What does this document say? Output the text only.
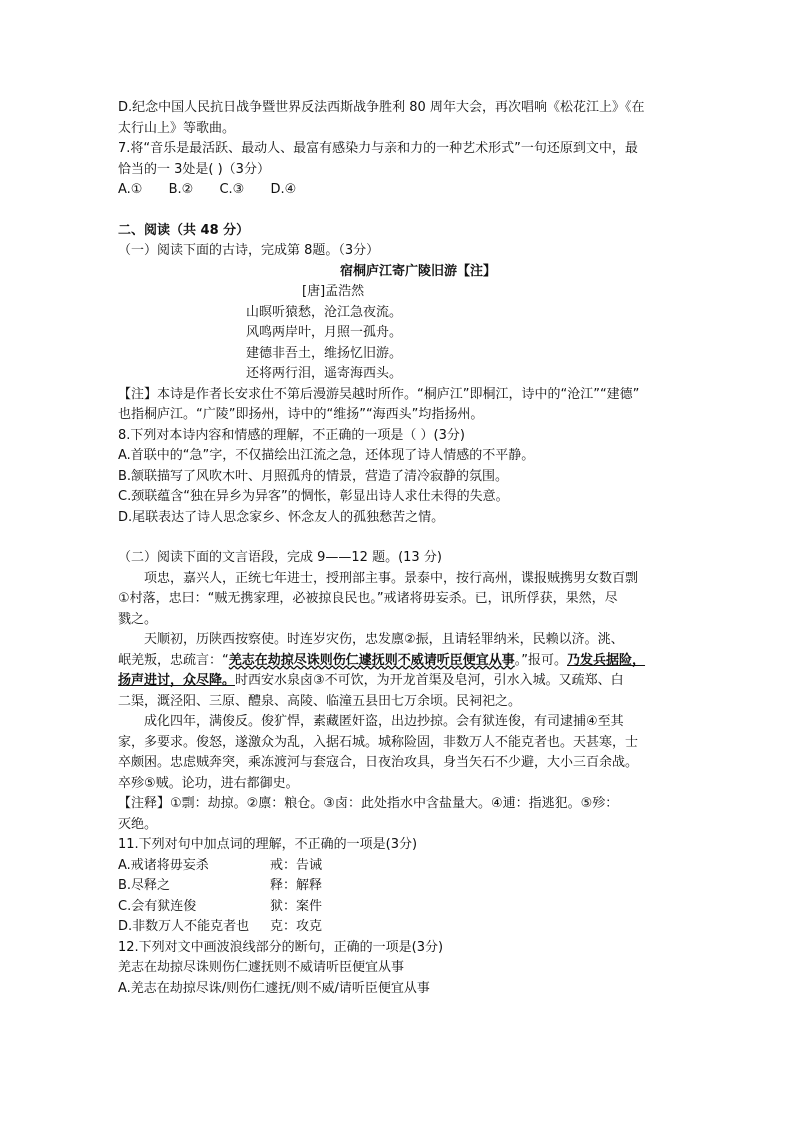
D.纪念中国人民抗日战争暨世界反法西斯战争胜利 80 周年大会，再次唱响《松花江上》《在
太行山上》等歌曲。
7.将“音乐是最活跃、最动人、最富有感染力与亲和力的一种艺术形式”一句还原到文中，最
恰当的一 3处是( )（3分）
A.① B.② C.③ D.④
二、阅读（共 48 分）
（一）阅读下面的古诗，完成第 8题。（3分）
宿桐庐江寄广陵旧游【注】
[唐]孟浩然
山暝听猿愁，沧江急夜流。
风鸣两岸叶，月照一孤舟。
建德非吾土，维扬忆旧游。
还将两行泪，遥寄海西头。
【注】本诗是作者长安求仕不第后漫游吴越时所作。“桐庐江”即桐江，诗中的“沧江”“建德”
也指桐庐江。“广陵”即扬州，诗中的“维扬”“海西头”均指扬州。
8.下列对本诗内容和情感的理解，不正确的一项是（ ）(3分)
A.首联中的“急”字，不仅描绘出江流之急，还体现了诗人情感的不平静。
B.颔联描写了风吹木叶、月照孤舟的情景，营造了清冷寂静的氛围。
C.颈联蕴含“独在异乡为异客”的惆怅，彰显出诗人求仕未得的失意。
D.尾联表达了诗人思念家乡、怀念友人的孤独愁苦之情。
（二）阅读下面的文言语段，完成 9——12 题。(13 分)
项忠，嘉兴人，正统七年进士，授刑部主事。景泰中，按行高州，谍报贼携男女数百剽
①村落，忠曰：“贼无携家理，必被掠良民也。”戒诸将毋妄杀。已，讯所俘获，果然，尽
戮之。
天顺初，历陕西按察使。时连岁灾伤，忠发廪②振，且请轻罪纳米，民赖以济。洮、
岷羌叛，忠疏言：“羌志在劫掠尽诛则伤仁遽抚则不威请听臣便宜从事。”报可。乃发兵据险，
扬声进讨，众尽降。时西安水泉卤③不可饮，为开龙首渠及皂河，引水入城。又疏郑、白
二渠，溉泾阳、三原、醴泉、高陵、临潼五县田七万余顷。民祠祀之。
成化四年，满俊反。俊犷悍，素藏匿奸盗，出边抄掠。会有狱连俊，有司逮捕④至其
家，多要求。俊怒，遂激众为乱，入据石城。城称险固，非数万人不能克者也。天甚寒，士
卒颇困。忠虑贼奔突，乘冻渡河与套寇合，日夜治攻具，身当矢石不少避，大小三百余战。
卒殄⑤贼。论功，进右都御史。
【注释】①剽：劫掠。②廪：粮仓。③卤：此处指水中含盐量大。④逋：指逃犯。⑤殄：
灭绝。
11.下列对句中加点词的理解，不正确的一项是(3分)
A.戒诸将毋妄杀	戒：告诫
B.尽释之	释：解释
C.会有狱连俊	狱：案件
D.非数万人不能克者也	克：攻克
12.下列对文中画波浪线部分的断句，正确的一项是(3分)
羌志在劫掠尽诛则伤仁遽抚则不威请听臣便宜从事
A.羌志在劫掠尽诛/则伤仁遽抚/则不威/请听臣便宜从事
